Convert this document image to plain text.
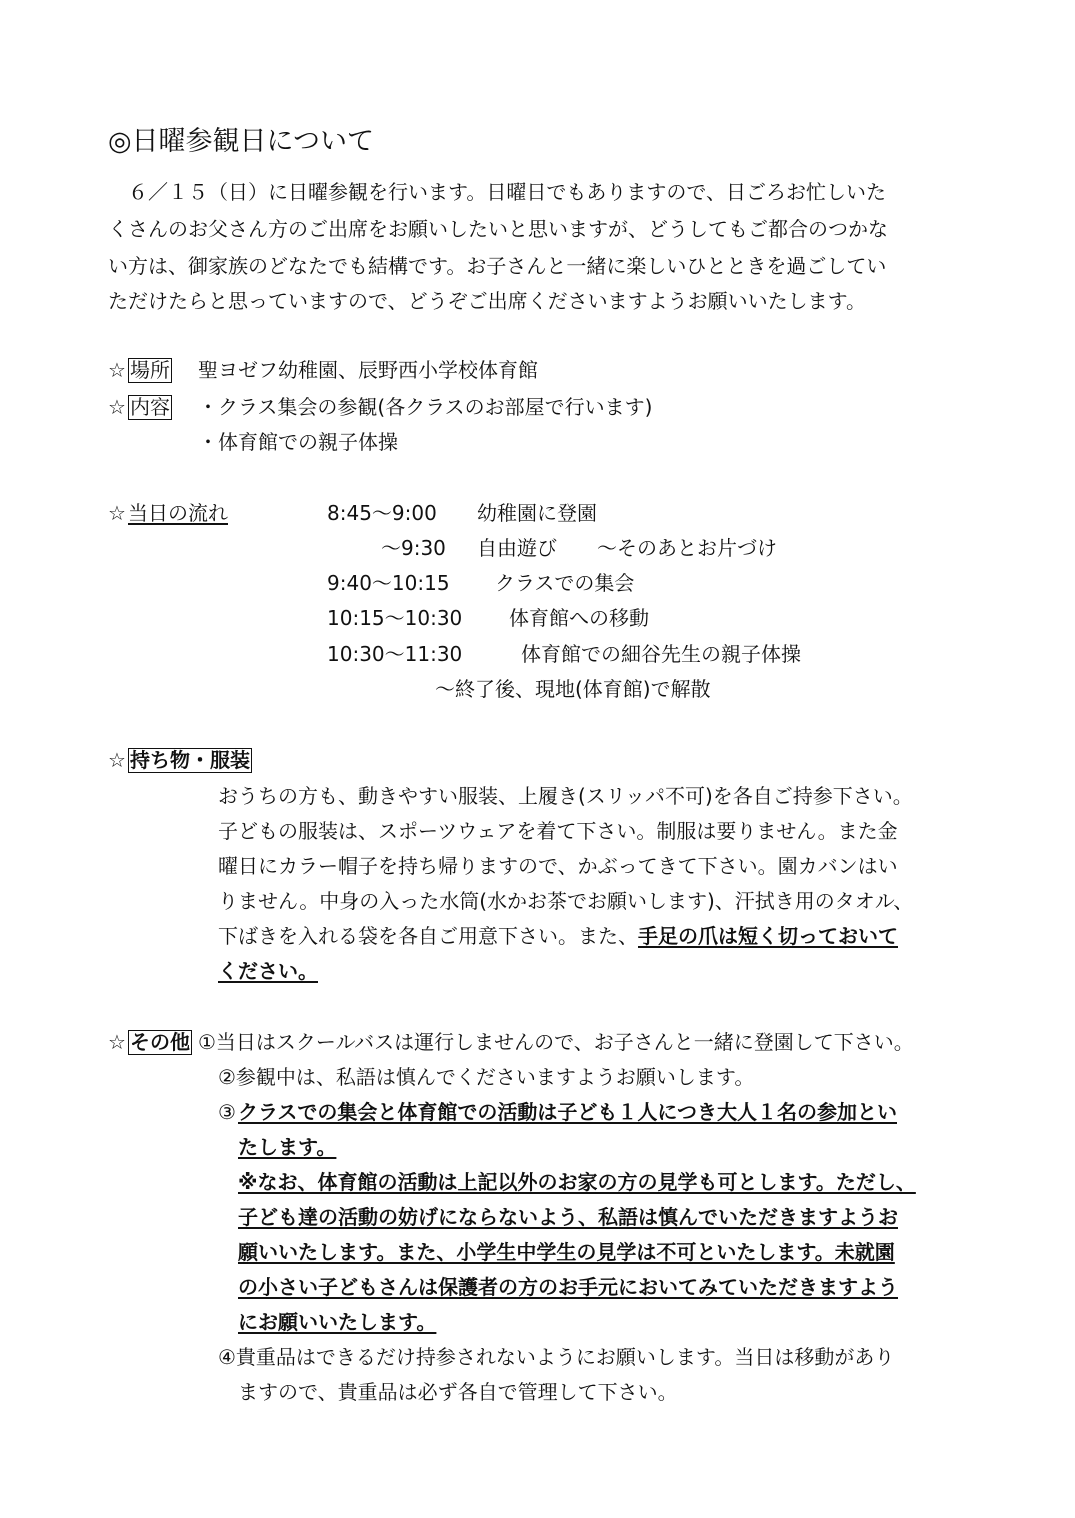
◎日曜参観日について
６／１５（日）に日曜参観を行います。日曜日でもありますので、日ごろお忙しいた
くさんのお父さん方のご出席をお願いしたいと思いますが、どうしてもご都合のつかな
い方は、御家族のどなたでも結構です。お子さんと一緒に楽しいひとときを過ごしてい
ただけたらと思っていますので、どうぞご出席くださいますようお願いいたします。
☆ 場所 聖ヨゼフ幼稚園、辰野西小学校体育館
☆ 内容 ・クラス集会の参観(各クラスのお部屋で行います)
・体育館での親子体操
☆ 当日の流れ	8:45～9:00 幼稚園に登園
～9:30 自由遊び　　～そのあとお片づけ
9:40～10:15 クラスでの集会
10:15～10:30 体育館への移動
10:30～11:30	体育館での細谷先生の親子体操
～終了後、現地(体育館)で解散
☆ 持ち物・服装
おうちの方も、動きやすい服装、上履き(スリッパ不可)を各自ご持参下さい。
子どもの服装は、スポーツウェアを着て下さい。制服は要りません。また金
曜日にカラー帽子を持ち帰りますので、かぶってきて下さい。園カバンはい
りません。中身の入った水筒(水かお茶でお願いします)、汗拭き用のタオル、
下ばきを入れる袋を各自ご用意下さい。また、手足の爪は短く切っておいて
ください。
☆ その他 ①当日はスクールバスは運行しませんので、お子さんと一緒に登園して下さい。
②参観中は、私語は慎んでくださいますようお願いします。
③ クラスでの集会と体育館での活動は子ども１人につき大人１名の参加とい
たします。
※なお、体育館の活動は上記以外のお家の方の見学も可とします。ただし、
子ども達の活動の妨げにならないよう、私語は慎んでいただきますようお
願いいたします。また、小学生中学生の見学は不可といたします。未就園
の小さい子どもさんは保護者の方のお手元においてみていただきますよう
にお願いいたします。
④貴重品はできるだけ持参されないようにお願いします。当日は移動があり
ますので、貴重品は必ず各自で管理して下さい。
